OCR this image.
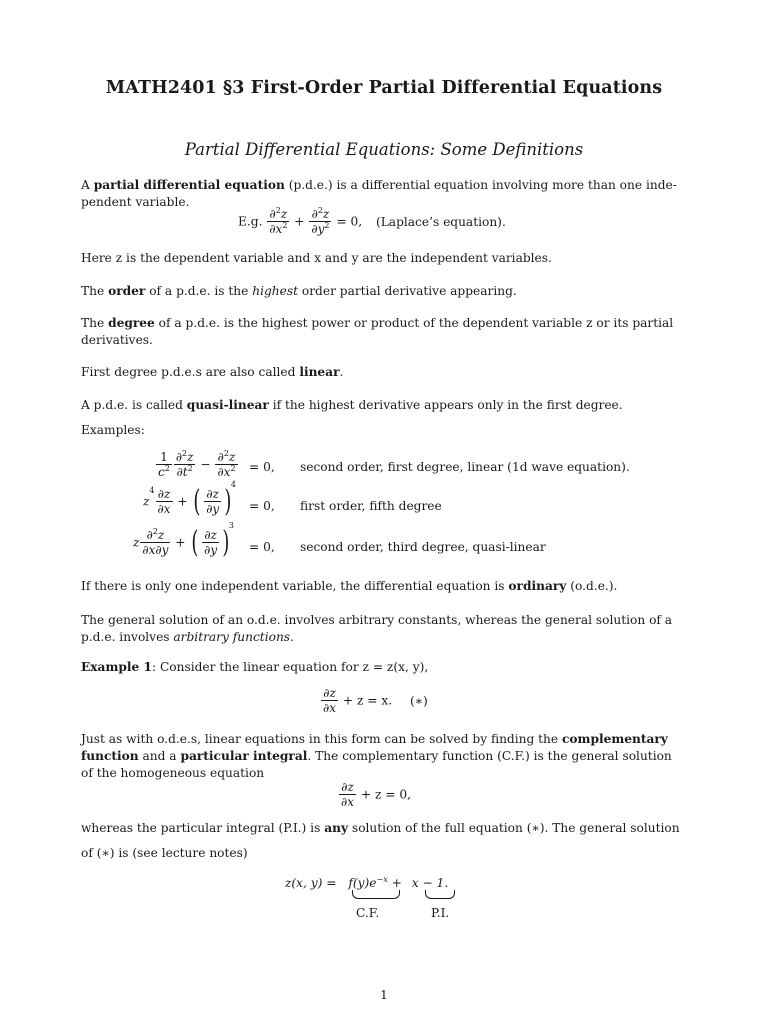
MATH2401 §3 First-Order Partial Differential Equations
Partial Differential Equations: Some Definitions
A partial differential equation (p.d.e.) is a differential equation involving more than one inde-
pendent variable.
E.g. $\frac{\partial^2z}{\partial x^2} + \frac{\partial^2z}{\partial y^2} = 0$, (Laplace’s equation).
Here z is the dependent variable and x and y are the independent variables.
The order of a p.d.e. is the highest order partial derivative appearing.
The degree of a p.d.e. is the highest power or product of the dependent variable z or its partial
derivatives.
First degree p.d.e.s are also called linear.
A p.d.e. is called quasi-linear if the highest derivative appears only in the first degree.
Examples:
$\frac{1}{c^2} \frac{\partial^2z}{\partial t^2} - \frac{\partial^2z}{\partial x^2} = 0$, second order, first degree, linear (1d wave equation).
$z^4 \frac{\partial z}{\partial x}$ + ( $\frac{\partial z}{\partial y} )^4$
= 0, first order, fifth degree
z $\frac{\partial^2z}{\partial x\partial y}$ + ( $\frac{\partial z}{\partial y} )^3$
= 0, second order, third degree, quasi-linear
If there is only one independent variable, the differential equation is ordinary (o.d.e.).
The general solution of an o.d.e. involves arbitrary constants, whereas the general solution of a
p.d.e. involves arbitrary functions.
Example 1: Consider the linear equation for z = z(x, y),
$\frac{\partial z}{\partial x} + z = x$. (∗)
Just as with o.d.e.s, linear equations in this form can be solved by finding the complementary
function and a particular integral. The complementary function (C.F.) is the general solution
of the homogeneous equation
$\frac{\partial z}{\partial x} + z = 0$,
whereas the particular integral (P.I.) is any solution of the full equation (∗). The general solution

of (∗) is (see lecture notes)
z(x, $y) = f(y)e^{-x} + x - 1$.
C.F.	P.I.
1
